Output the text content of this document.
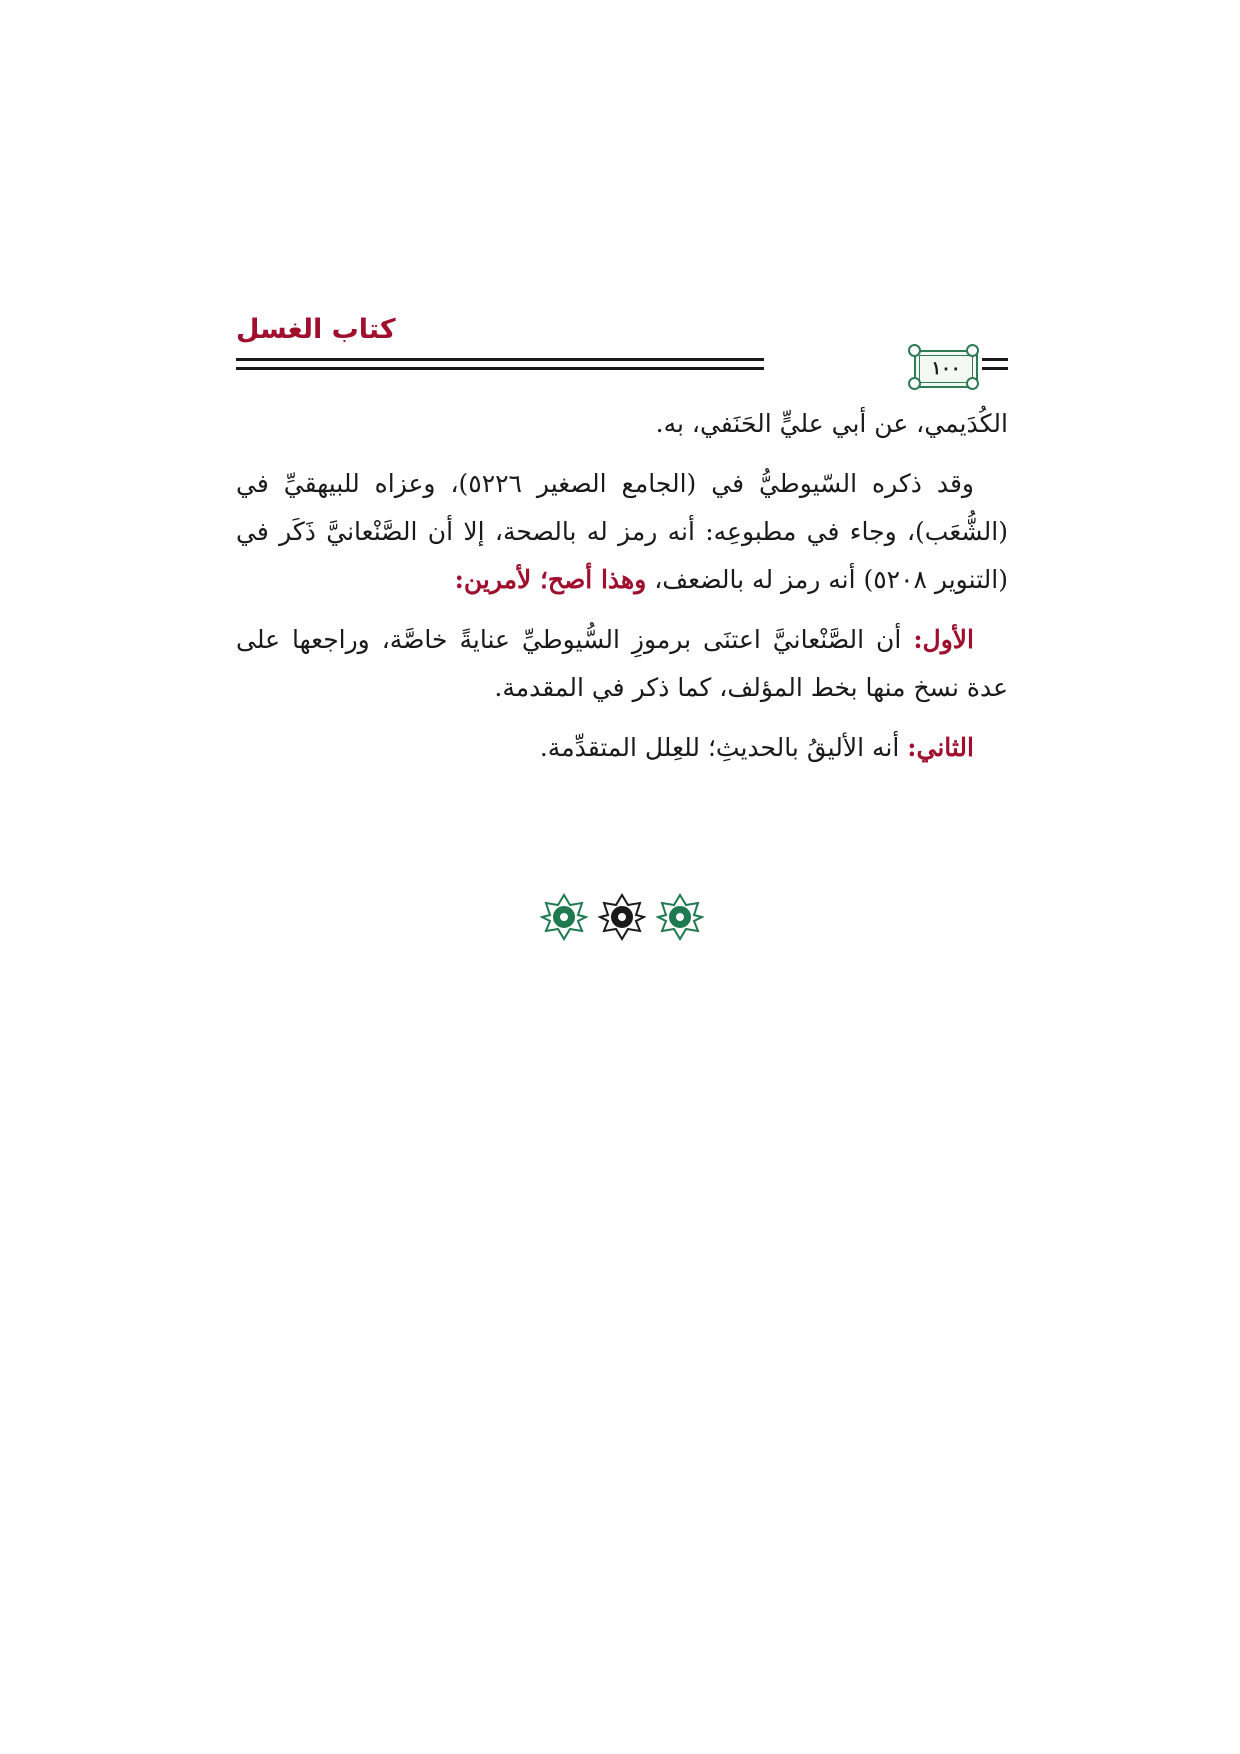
كتاب الغسل
١٠٠

الكُدَيمي، عن أبي عليٍّ الحَنَفي، به.

وقد ذكره السّيوطيُّ في (الجامع الصغير ٥٢٢٦)، وعزاه للبيهقيِّ في (الشُّعَب)، وجاء في مطبوعِه: أنه رمز له بالصحة، إلا أن الصَّنْعانيَّ ذَكَر في (التنوير ٥٢٠٨) أنه رمز له بالضعف، وهذا أصح؛ لأمرين:

الأول: أن الصَّنْعانيَّ اعتنَى برموزِ السُّيوطيِّ عنايةً خاصَّة، وراجعها على عدة نسخ منها بخط المؤلف، كما ذكر في المقدمة.

الثاني: أنه الأليقُ بالحديثِ؛ للعِلل المتقدِّمة.
